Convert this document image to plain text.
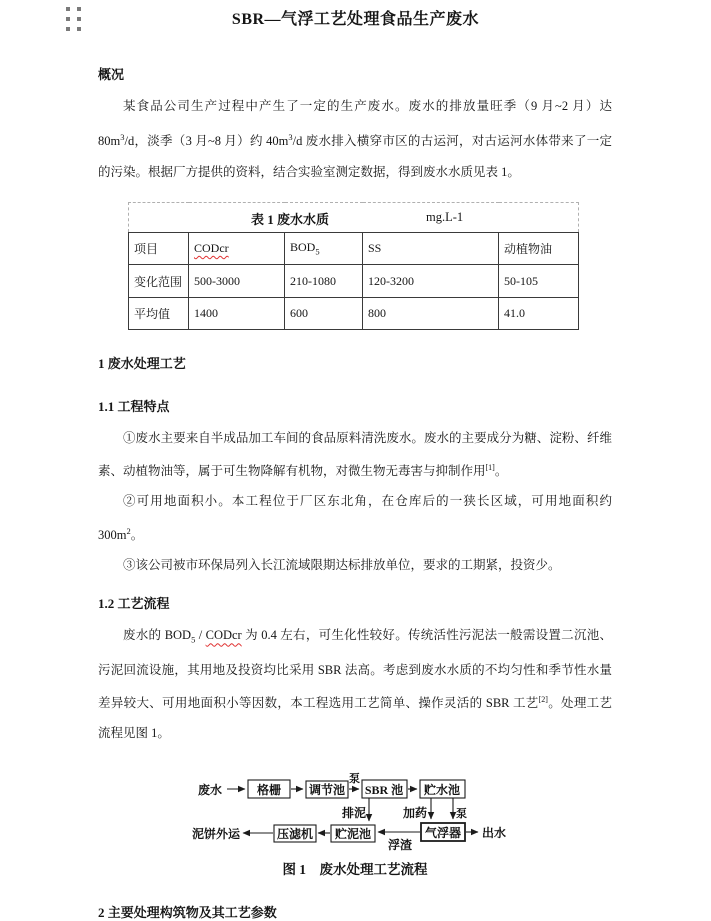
SBR—气浮工艺处理食品生产废水
概况

某食品公司生产过程中产生了一定的生产废水。废水的排放量旺季（9 月~2 月）达 $80m^3/d$，淡季（3 月~8 月）约 $40m^3/d$ 废水排入横穿市区的古运河，对古运河水体带来了一定的污染。根据厂方提供的资料，结合实验室测定数据，得到废水水质见表 1。

表 1 废水水质 mg.L-1				

项目	CODcr	$BOD_5$	SS	动植物油
变化范围	500-3000	210-1080	120-3200	50-105
平均值	1400	600	800	41.0
1 废水处理工艺
1.1 工程特点

①废水主要来自半成品加工车间的食品原料清洗废水。废水的主要成分为糖、淀粉、纤维素、动植物油等，属于可生物降解有机物，对微生物无毒害与抑制作用[1]。

②可用地面积小。本工程位于厂区东北角，在仓库后的一狭长区域，可用地面积约 $300m^2$。

③该公司被市环保局列入长江流域限期达标排放单位，要求的工期紧，投资少。

1.2 工艺流程

废水的 $BOD_5$ / CODcr 为 0.4 左右，可生化性较好。传统活性污泥法一般需设置二沉池、污泥回流设施，其用地及投资均比采用 SBR 法高。考虑到废水水质的不均匀性和季节性水量差异较大、可用地面积小等因数，本工程选用工艺简单、操作灵活的 SBR 工艺[2]。处理工艺流程见图 1。

废水	格栅 调节池
泵
SBR 池 贮水池
排泥	加药	泵
泥饼外运	压滤机 贮泥池
浮渣
气浮器 出水

图 1　废水处理工艺流程

2 主要处理构筑物及其工艺参数
